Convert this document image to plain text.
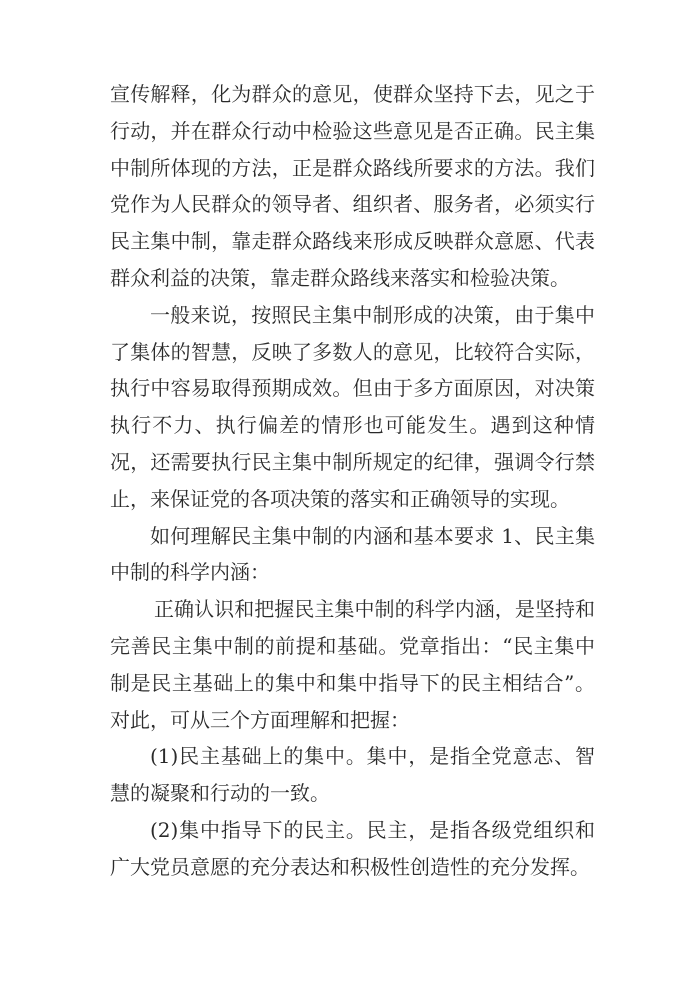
宣传解释，化为群众的意见，使群众坚持下去，见之于行动，并在群众行动中检验这些意见是否正确。民主集中制所体现的方法，正是群众路线所要求的方法。我们党作为人民群众的领导者、组织者、服务者，必须实行民主集中制，靠走群众路线来形成反映群众意愿、代表群众利益的决策，靠走群众路线来落实和检验决策。

一般来说，按照民主集中制形成的决策，由于集中了集体的智慧，反映了多数人的意见，比较符合实际，执行中容易取得预期成效。但由于多方面原因，对决策执行不力、执行偏差的情形也可能发生。遇到这种情况，还需要执行民主集中制所规定的纪律，强调令行禁止，来保证党的各项决策的落实和正确领导的实现。

如何理解民主集中制的内涵和基本要求 1、民主集中制的科学内涵：

正确认识和把握民主集中制的科学内涵，是坚持和完善民主集中制的前提和基础。党章指出：“民主集中制是民主基础上的集中和集中指导下的民主相结合”。对此，可从三个方面理解和把握：

(1)民主基础上的集中。集中，是指全党意志、智慧的凝聚和行动的一致。

(2)集中指导下的民主。民主，是指各级党组织和广大党员意愿的充分表达和积极性创造性的充分发挥。
